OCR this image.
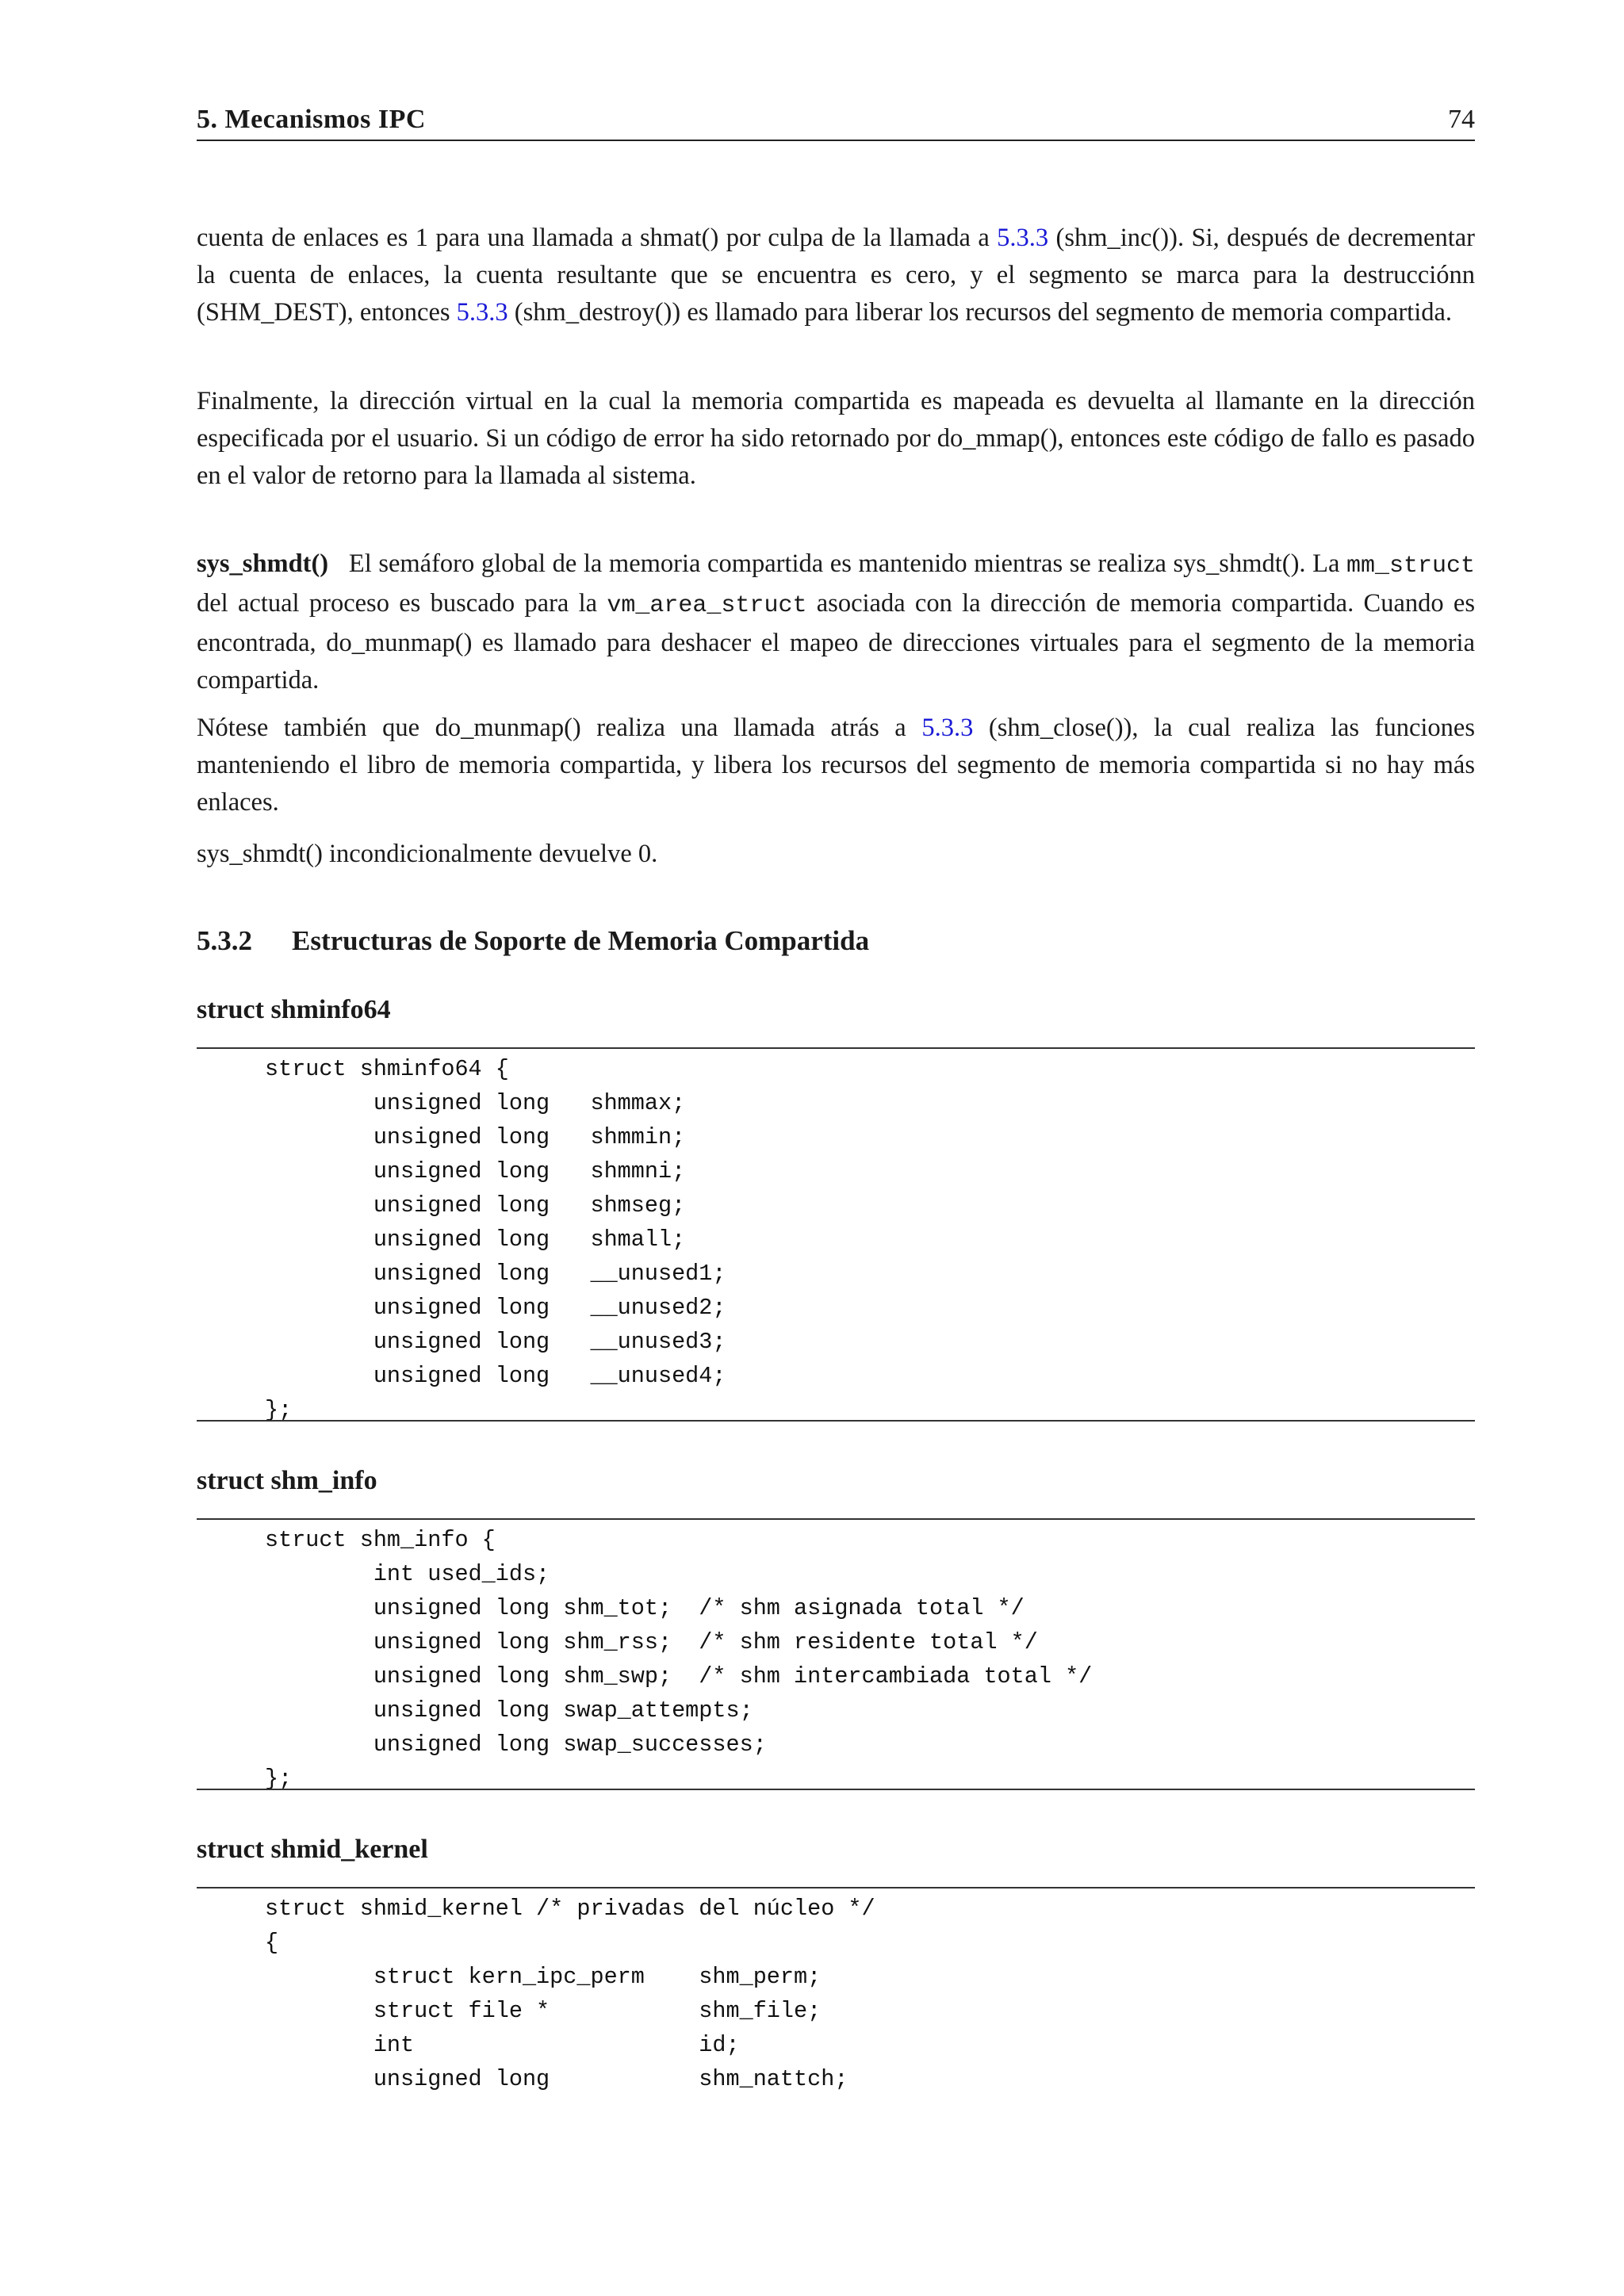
5. Mecanismos IPC	74

cuenta de enlaces es 1 para una llamada a shmat() por culpa de la llamada a 5.3.3 (shm_inc()). Si, después de decrementar la cuenta de enlaces, la cuenta resultante que se encuentra es cero, y el segmento se marca para la destrucciónn (SHM_DEST), entonces 5.3.3 (shm_destroy()) es llamado para liberar los recursos del segmento de memoria compartida.

Finalmente, la dirección virtual en la cual la memoria compartida es mapeada es devuelta al llamante en la dirección especificada por el usuario. Si un código de error ha sido retornado por do_mmap(), entonces este código de fallo es pasado en el valor de retorno para la llamada al sistema.

sys_shmdt() El semáforo global de la memoria compartida es mantenido mientras se realiza sys_shmdt(). La mm_struct del actual proceso es buscado para la vm_area_struct asociada con la dirección de memoria compartida. Cuando es encontrada, do_munmap() es llamado para deshacer el mapeo de direcciones virtuales para el segmento de la memoria compartida.

Nótese también que do_munmap() realiza una llamada atrás a 5.3.3 (shm_close()), la cual realiza las funciones manteniendo el libro de memoria compartida, y libera los recursos del segmento de memoria compartida si no hay más enlaces.

sys_shmdt() incondicionalmente devuelve 0.

5.3.2 Estructuras de Soporte de Memoria Compartida
struct shminfo64
struct shminfo64 {
unsigned long   shmmax;
unsigned long   shmmin;
unsigned long   shmmni;
unsigned long   shmseg;
unsigned long   shmall;
unsigned long   __unused1;
unsigned long   __unused2;
unsigned long   __unused3;
unsigned long   __unused4;
};
struct shm_info
struct shm_info {
int used_ids;
unsigned long shm_tot;  /* shm asignada total */
unsigned long shm_rss;  /* shm residente total */
unsigned long shm_swp;  /* shm intercambiada total */
unsigned long swap_attempts;
unsigned long swap_successes;
};
struct shmid_kernel
struct shmid_kernel /* privadas del núcleo */
{
struct kern_ipc_perm    shm_perm;
struct file *           shm_file;
int                     id;
unsigned long           shm_nattch;
